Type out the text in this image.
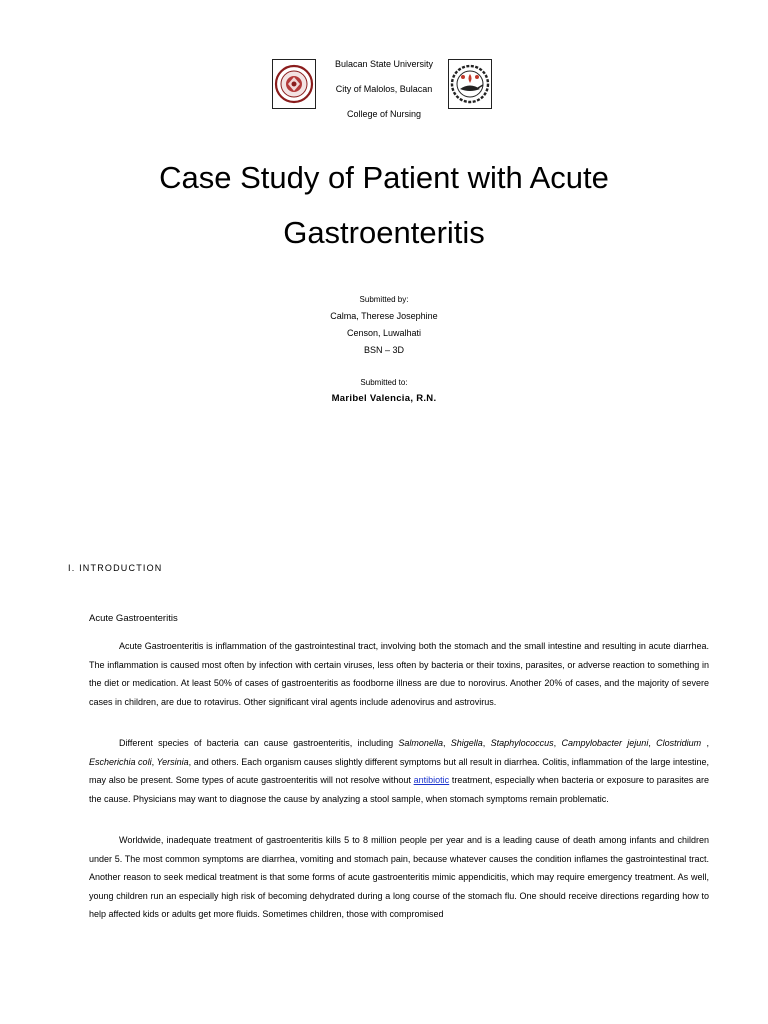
Bulacan State University
City of Malolos, Bulacan
College of Nursing
Case Study of Patient with Acute
Gastroenteritis
Submitted by:
Calma, Therese Josephine
Censon, Luwalhati
BSN – 3D
Submitted to:
Maribel Valencia, R.N.
I. INTRODUCTION
Acute Gastroenteritis

Acute Gastroenteritis is inflammation of the gastrointestinal tract, involving both the stomach and the small intestine and resulting in acute diarrhea. The inflammation is caused most often by infection with certain viruses, less often by bacteria or their toxins, parasites, or adverse reaction to something in the diet or medication. At least 50% of cases of gastroenteritis as foodborne illness are due to norovirus. Another 20% of cases, and the majority of severe cases in children, are due to rotavirus. Other significant viral agents include adenovirus and astrovirus.

Different species of bacteria can cause gastroenteritis, including Salmonella, Shigella, Staphylococcus, Campylobacter jejuni, Clostridium , Escherichia coli, Yersinia, and others. Each organism causes slightly different symptoms but all result in diarrhea. Colitis, inflammation of the large intestine, may also be present. Some types of acute gastroenteritis will not resolve without antibiotic treatment, especially when bacteria or exposure to parasites are the cause. Physicians may want to diagnose the cause by analyzing a stool sample, when stomach symptoms remain problematic.

Worldwide, inadequate treatment of gastroenteritis kills 5 to 8 million people per year and is a leading cause of death among infants and children under 5. The most common symptoms are diarrhea, vomiting and stomach pain, because whatever causes the condition inflames the gastrointestinal tract. Another reason to seek medical treatment is that some forms of acute gastroenteritis mimic appendicitis, which may require emergency treatment. As well, young children run an especially high risk of becoming dehydrated during a long course of the stomach flu. One should receive directions regarding how to help affected kids or adults get more fluids. Sometimes children, those with compromised
